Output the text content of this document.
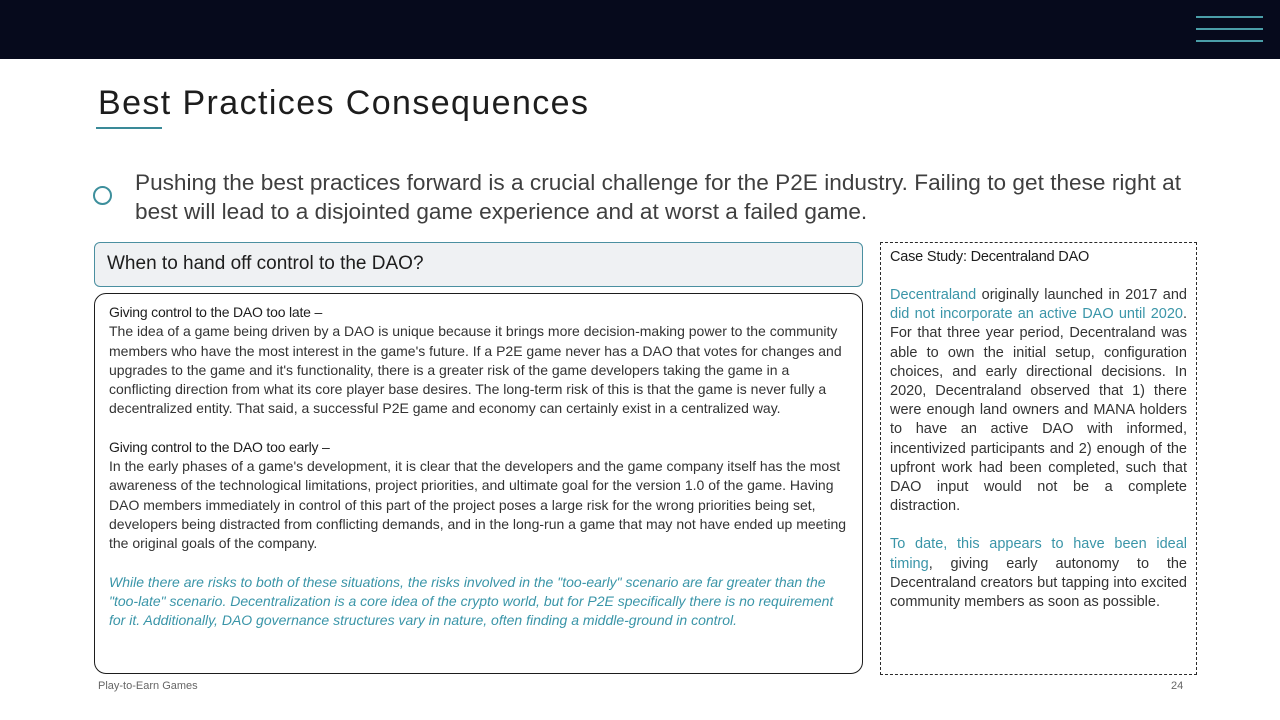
Best Practices Consequences

Pushing the best practices forward is a crucial challenge for the P2E industry. Failing to get these right at best will lead to a disjointed game experience and at worst a failed game.

When to hand off control to the DAO?

Giving control to the DAO too late –

The idea of a game being driven by a DAO is unique because it brings more decision-making power to the community members who have the most interest in the game's future. If a P2E game never has a DAO that votes for changes and upgrades to the game and it's functionality, there is a greater risk of the game developers taking the game in a conflicting direction from what its core player base desires. The long-term risk of this is that the game is never fully a decentralized entity. That said, a successful P2E game and economy can certainly exist in a centralized way.

Giving control to the DAO too early –

In the early phases of a game's development, it is clear that the developers and the game company itself has the most awareness of the technological limitations, project priorities, and ultimate goal for the version 1.0 of the game. Having DAO members immediately in control of this part of the project poses a large risk for the wrong priorities being set, developers being distracted from conflicting demands, and in the long-run a game that may not have ended up meeting the original goals of the company.

While there are risks to both of these situations, the risks involved in the "too-early" scenario are far greater than the "too-late" scenario. Decentralization is a core idea of the crypto world, but for P2E specifically there is no requirement for it. Additionally, DAO governance structures vary in nature, often finding a middle-ground in control.

Case Study: Decentraland DAO

Decentraland originally launched in 2017 and did not incorporate an active DAO until 2020. For that three year period, Decentraland was able to own the initial setup, configuration choices, and early directional decisions. In 2020, Decentraland observed that 1) there were enough land owners and MANA holders to have an active DAO with informed, incentivized participants and 2) enough of the upfront work had been completed, such that DAO input would not be a complete distraction.

To date, this appears to have been ideal timing, giving early autonomy to the Decentraland creators but tapping into excited community members as soon as possible.

Play-to-Earn Games	24
